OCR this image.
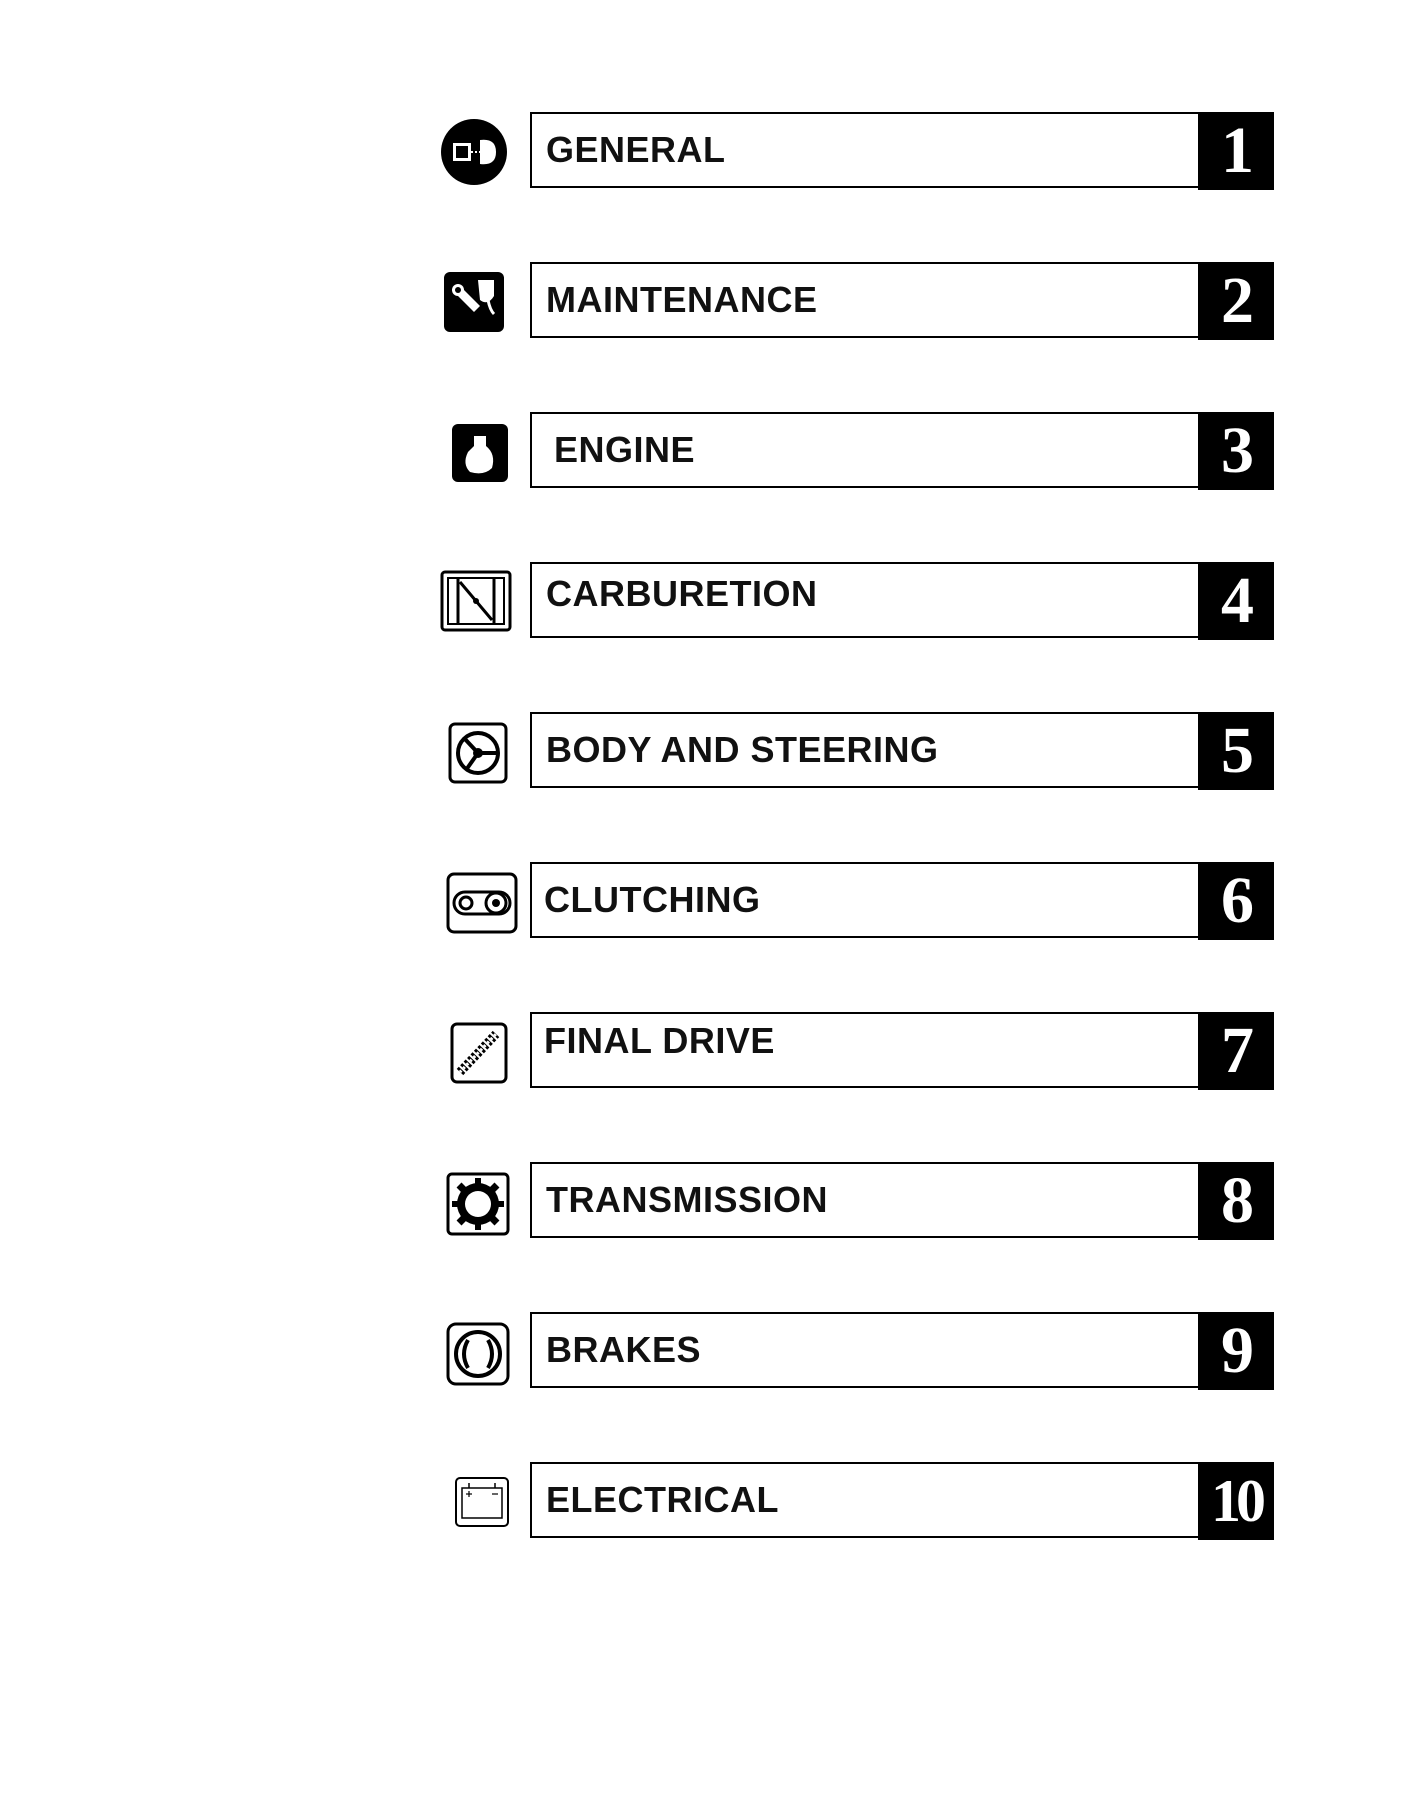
GENERAL	1
MAINTENANCE	2
ENGINE	3
CARBURETION	4
BODY AND STEERING	5
CLUTCHING	6
FINAL DRIVE	7
TRANSMISSION	8
BRAKES	9
ELECTRICAL	10
